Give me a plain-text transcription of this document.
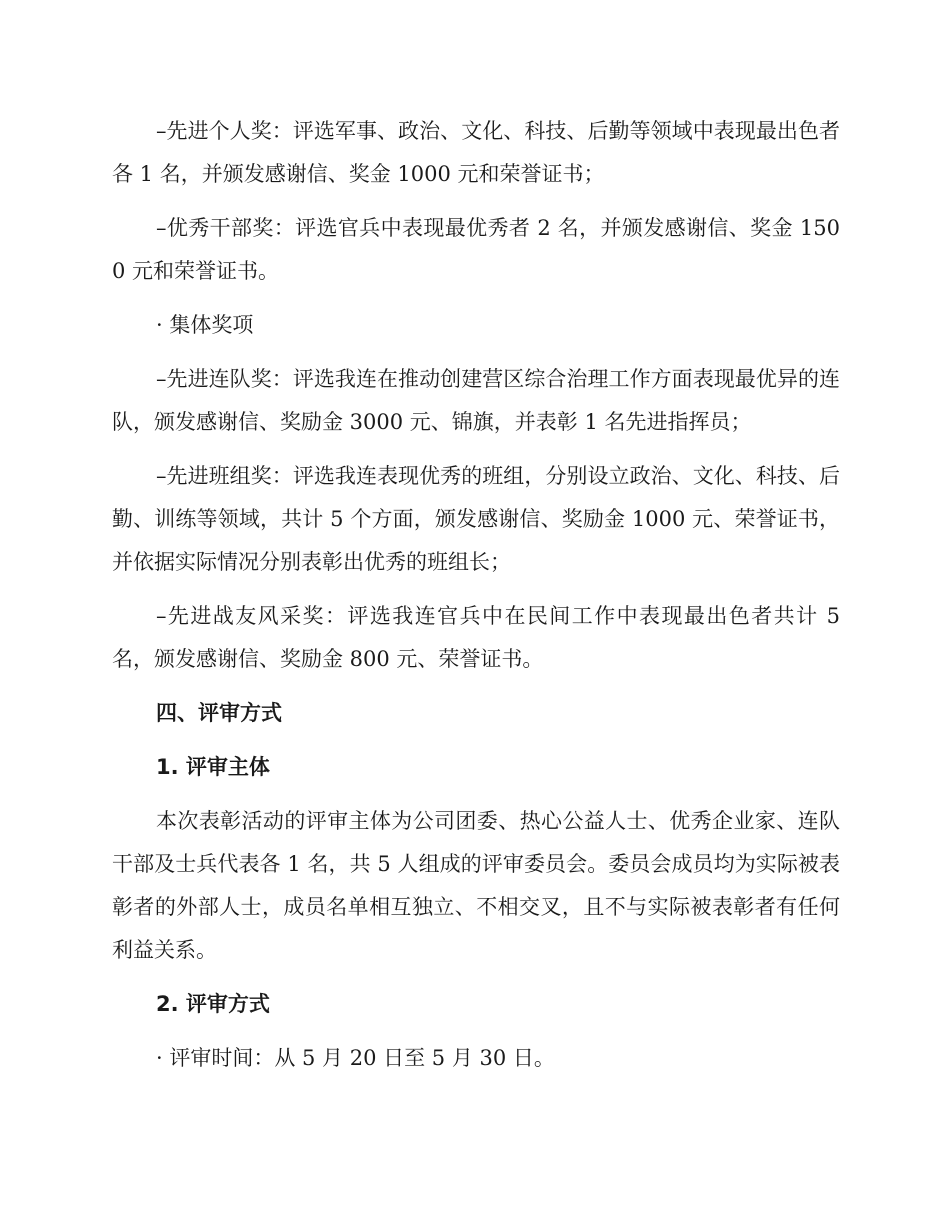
–先进个人奖：评选军事、政治、文化、科技、后勤等领域中表现最出色者各 1 名，并颁发感谢信、奖金 1000 元和荣誉证书；

–优秀干部奖：评选官兵中表现最优秀者 2 名，并颁发感谢信、奖金 1500 元和荣誉证书。

· 集体奖项

–先进连队奖：评选我连在推动创建营区综合治理工作方面表现最优异的连队，颁发感谢信、奖励金 3000 元、锦旗，并表彰 1 名先进指挥员；

–先进班组奖：评选我连表现优秀的班组，分别设立政治、文化、科技、后勤、训练等领域，共计 5 个方面，颁发感谢信、奖励金 1000 元、荣誉证书，并依据实际情况分别表彰出优秀的班组长；

–先进战友风采奖：评选我连官兵中在民间工作中表现最出色者共计 5 名，颁发感谢信、奖励金 800 元、荣誉证书。

四、评审方式

1. 评审主体

本次表彰活动的评审主体为公司团委、热心公益人士、优秀企业家、连队干部及士兵代表各 1 名，共 5 人组成的评审委员会。委员会成员均为实际被表彰者的外部人士，成员名单相互独立、不相交叉，且不与实际被表彰者有任何利益关系。

2. 评审方式

· 评审时间：从 5 月 20 日至 5 月 30 日。
